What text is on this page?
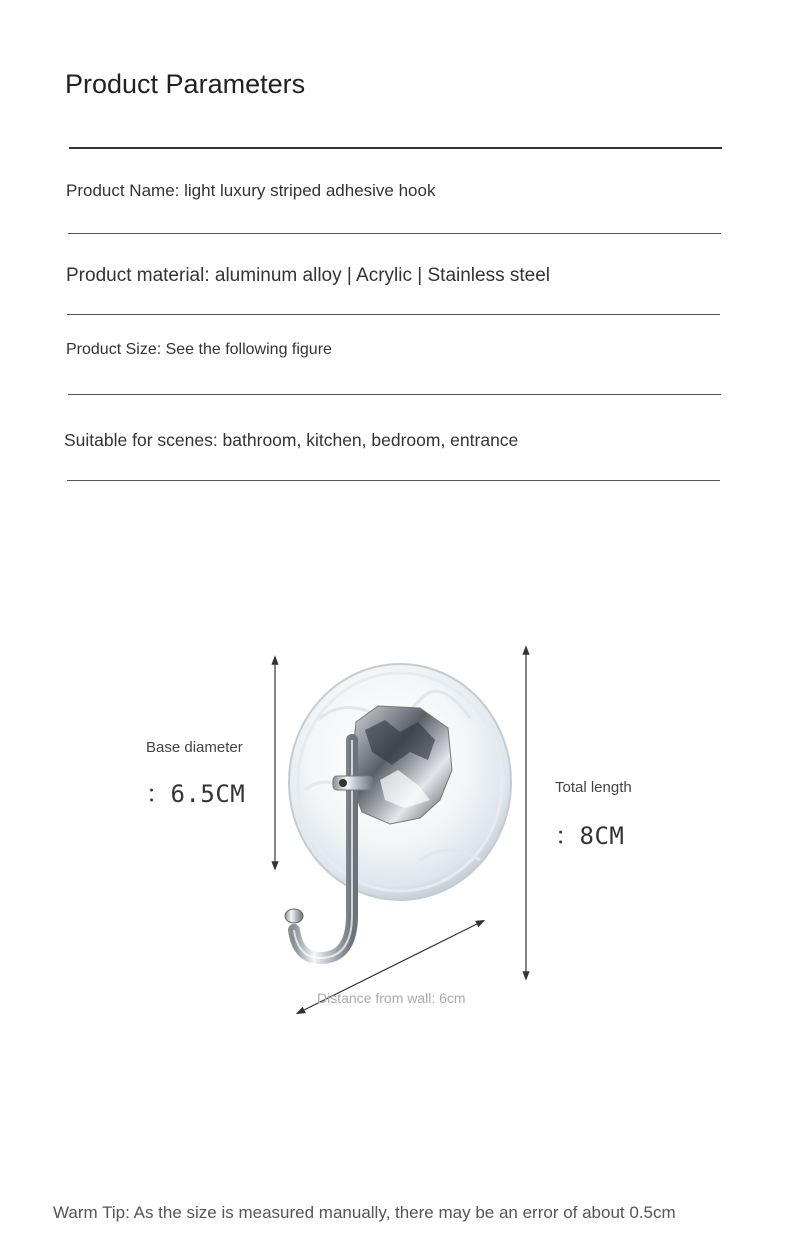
Product Parameters
Product Name: light luxury striped adhesive hook
Product material: aluminum alloy | Acrylic | Stainless steel
Product Size: See the following figure
Suitable for scenes: bathroom, kitchen, bedroom, entrance
Base diameter
：6.5CM	Total length
：8CM
Distance from wall: 6cm
Warm Tip: As the size is measured manually, there may be an error of about 0.5cm
